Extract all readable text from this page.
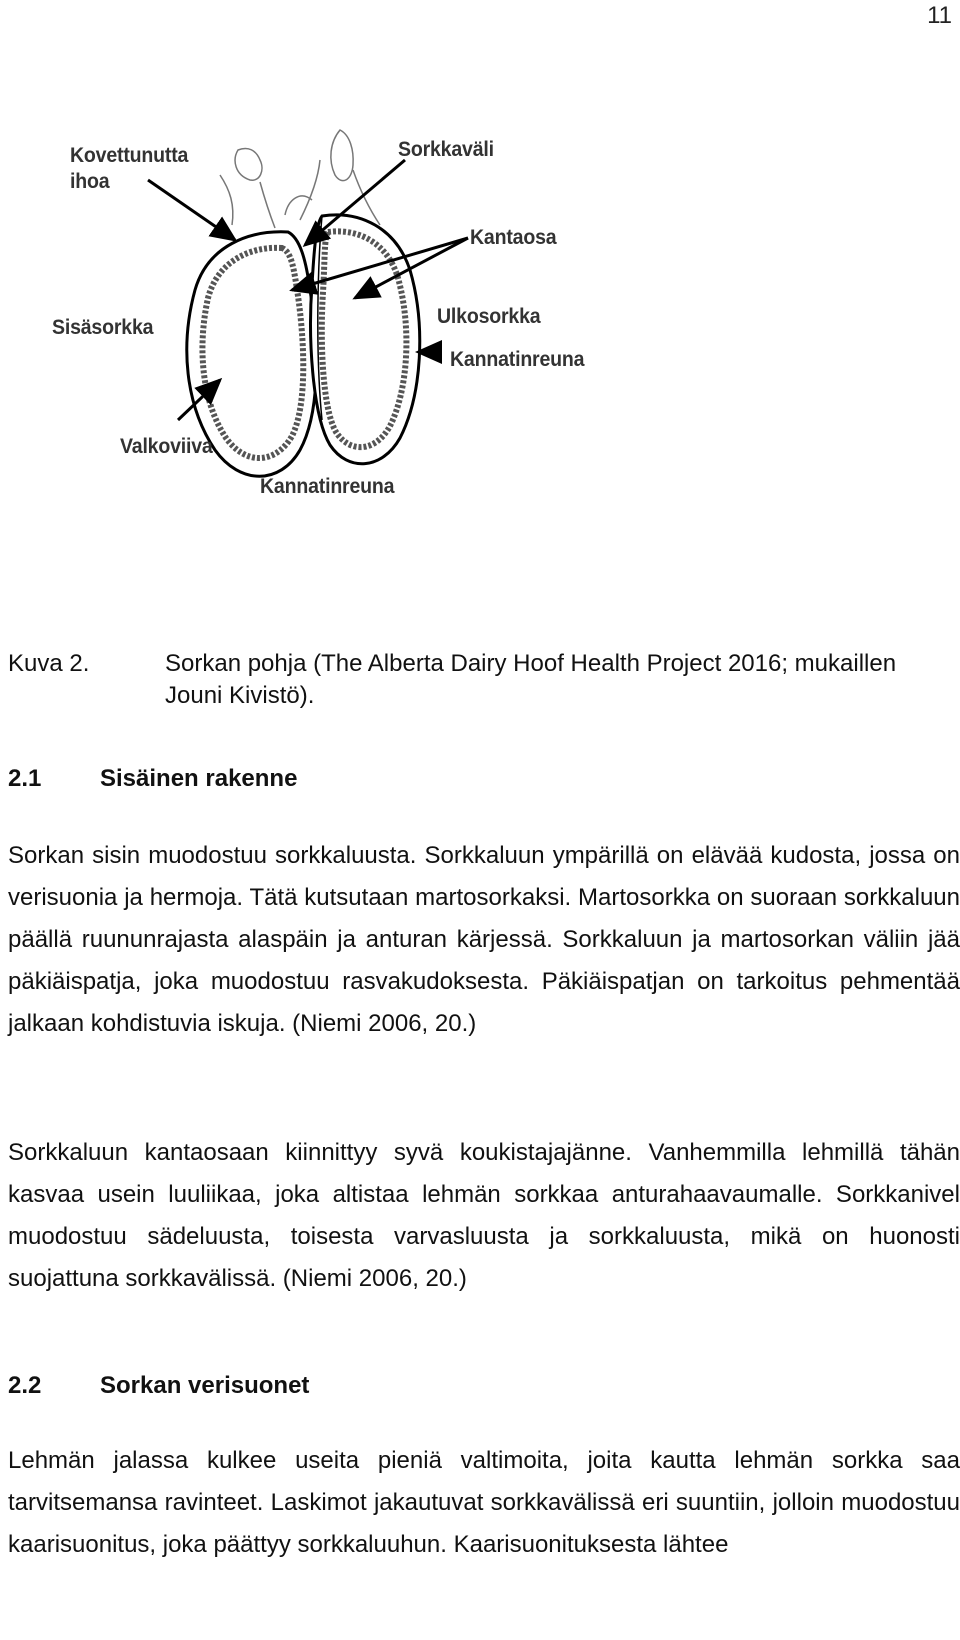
11
Kovettunutta
ihoa
Sorkkaväli
Kantaosa
Sisäsorkka	Ulkosorkka
Kannatinreuna
Valkoviiva
Kannatinreuna
Kuva 2.	Sorkan pohja (The Alberta Dairy Hoof Health Project 2016; mukaillen Jouni Kivistö).
2.1 Sisäinen rakenne
Sorkan sisin muodostuu sorkkaluusta. Sorkkaluun ympärillä on elävää kudosta, jossa on verisuonia ja hermoja. Tätä kutsutaan martosorkaksi. Martosorkka on suoraan sorkkaluun päällä ruununrajasta alaspäin ja anturan kärjessä. Sorkkaluun ja martosorkan väliin jää päkiäispatja, joka muodostuu rasvakudoksesta. Päkiäispatjan on tarkoitus pehmentää jalkaan kohdistuvia iskuja. (Niemi 2006, 20.)
Sorkkaluun kantaosaan kiinnittyy syvä koukistajajänne. Vanhemmilla lehmillä tähän kasvaa usein luuliikaa, joka altistaa lehmän sorkkaa anturahaavaumalle. Sorkkanivel muodostuu sädeluusta, toisesta varvasluusta ja sorkkaluusta, mikä on huonosti suojattuna sorkkavälissä. (Niemi 2006, 20.)
2.2 Sorkan verisuonet
Lehmän jalassa kulkee useita pieniä valtimoita, joita kautta lehmän sorkka saa tarvitsemansa ravinteet. Laskimot jakautuvat sorkkavälissä eri suuntiin, jolloin muodostuu kaarisuonitus, joka päättyy sorkkaluuhun. Kaarisuonituksesta lähtee
